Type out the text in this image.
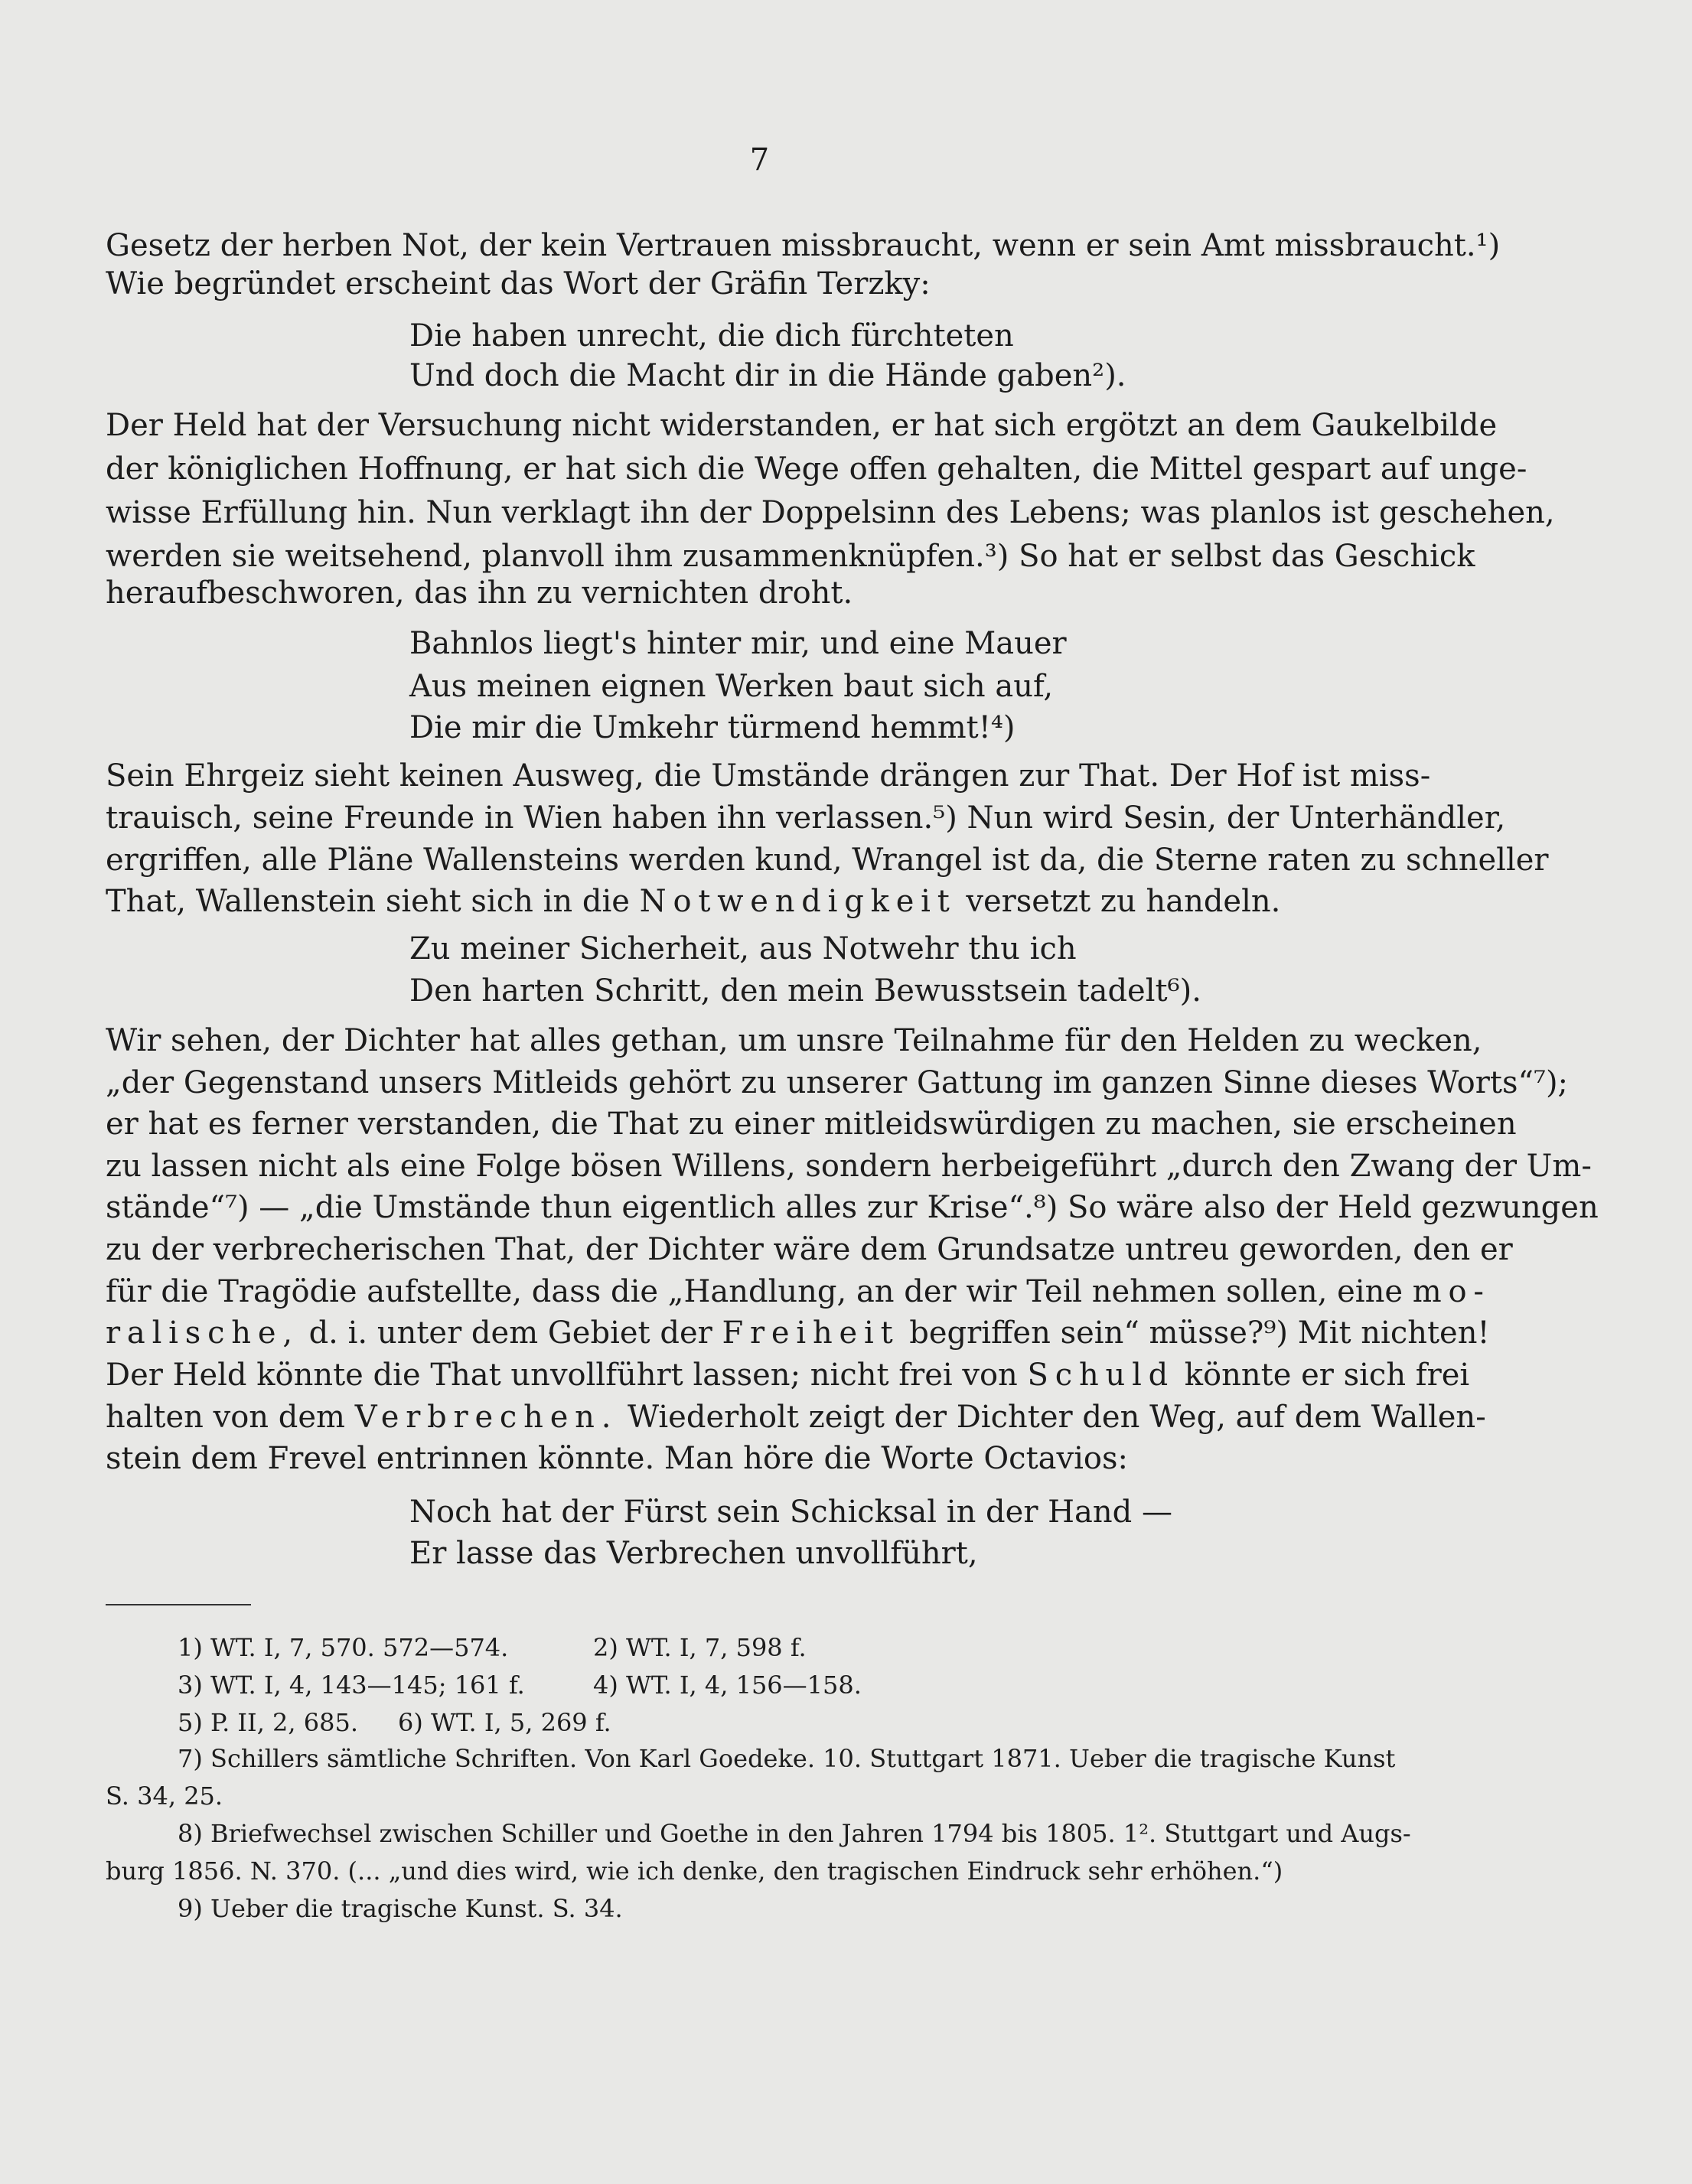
7
Gesetz der herben Not, der kein Vertrauen missbraucht, wenn er sein Amt missbraucht.¹)
Wie begründet erscheint das Wort der Gräfin Terzky:
Die haben unrecht, die dich fürchteten
Und doch die Macht dir in die Hände gaben²).
Der Held hat der Versuchung nicht widerstanden, er hat sich ergötzt an dem Gaukelbilde
der königlichen Hoffnung, er hat sich die Wege offen gehalten, die Mittel gespart auf unge-
wisse Erfüllung hin. Nun verklagt ihn der Doppelsinn des Lebens; was planlos ist geschehen,
werden sie weitsehend, planvoll ihm zusammenknüpfen.³) So hat er selbst das Geschick
heraufbeschworen, das ihn zu vernichten droht.
Bahnlos liegt's hinter mir, und eine Mauer
Aus meinen eignen Werken baut sich auf,
Die mir die Umkehr türmend hemmt!⁴)
Sein Ehrgeiz sieht keinen Ausweg, die Umstände drängen zur That. Der Hof ist miss-
trauisch, seine Freunde in Wien haben ihn verlassen.⁵) Nun wird Sesin, der Unterhändler,
ergriffen, alle Pläne Wallensteins werden kund, Wrangel ist da, die Sterne raten zu schneller
That, Wallenstein sieht sich in die Notwendigkeit versetzt zu handeln.
Zu meiner Sicherheit, aus Notwehr thu ich
Den harten Schritt, den mein Bewusstsein tadelt⁶).
Wir sehen, der Dichter hat alles gethan, um unsre Teilnahme für den Helden zu wecken,
„der Gegenstand unsers Mitleids gehört zu unserer Gattung im ganzen Sinne dieses Worts“⁷);
er hat es ferner verstanden, die That zu einer mitleidswürdigen zu machen, sie erscheinen
zu lassen nicht als eine Folge bösen Willens, sondern herbeigeführt „durch den Zwang der Um-
stände“⁷) — „die Umstände thun eigentlich alles zur Krise“.⁸) So wäre also der Held gezwungen
zu der verbrecherischen That, der Dichter wäre dem Grundsatze untreu geworden, den er
für die Tragödie aufstellte, dass die „Handlung, an der wir Teil nehmen sollen, eine mo-
ralische, d. i. unter dem Gebiet der Freiheit begriffen sein“ müsse?⁹) Mit nichten!
Der Held könnte die That unvollführt lassen; nicht frei von Schuld könnte er sich frei
halten von dem Verbrechen. Wiederholt zeigt der Dichter den Weg, auf dem Wallen-
stein dem Frevel entrinnen könnte. Man höre die Worte Octavios:
Noch hat der Fürst sein Schicksal in der Hand —
Er lasse das Verbrechen unvollführt,
1) WT. I, 7, 570. 572—574.	2) WT. I, 7, 598 f.
3) WT. I, 4, 143—145; 161 f.	4) WT. I, 4, 156—158.
5) P. II, 2, 685. 6) WT. I, 5, 269 f.
7) Schillers sämtliche Schriften. Von Karl Goedeke. 10. Stuttgart 1871. Ueber die tragische Kunst
S. 34, 25.
8) Briefwechsel zwischen Schiller und Goethe in den Jahren 1794 bis 1805. 1². Stuttgart und Augs-
burg 1856. N. 370. (... „und dies wird, wie ich denke, den tragischen Eindruck sehr erhöhen.“)
9) Ueber die tragische Kunst. S. 34.
